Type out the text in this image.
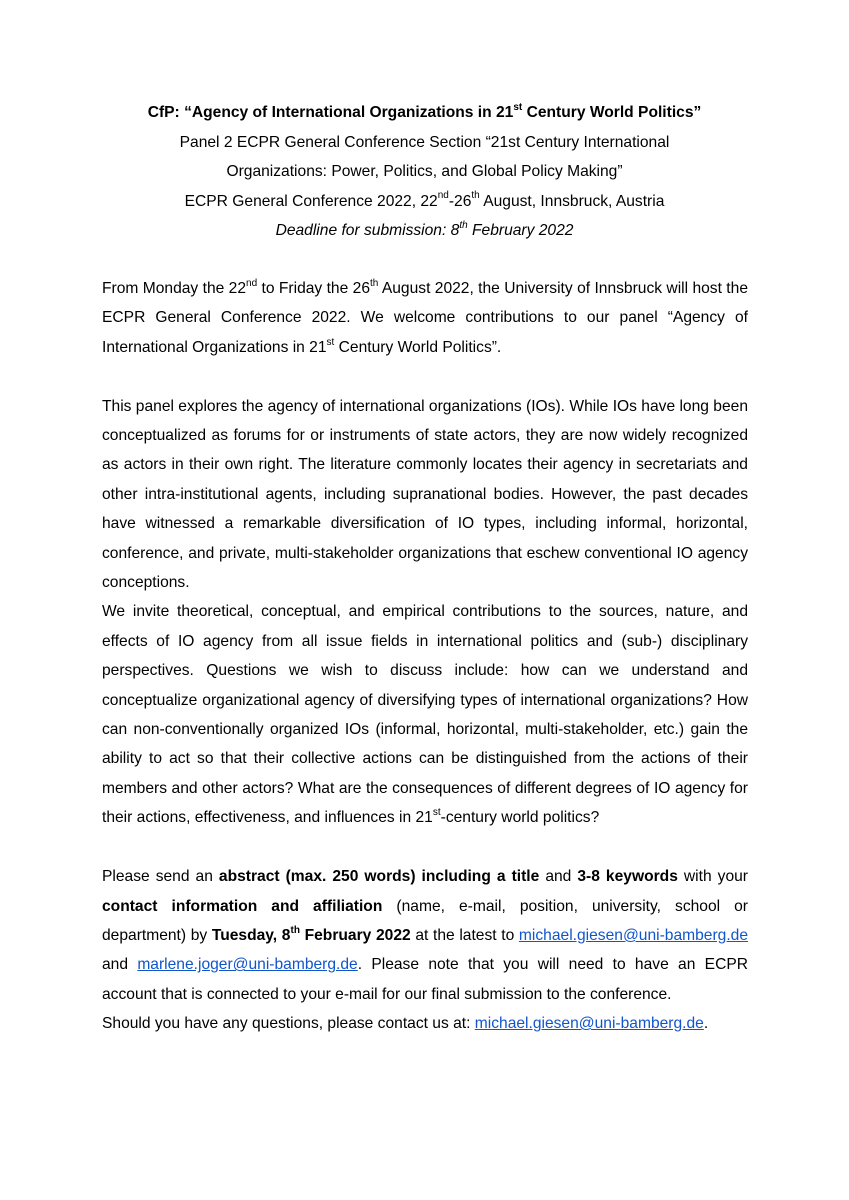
CfP: “Agency of International Organizations in 21st Century World Politics”
Panel 2 ECPR General Conference Section “21st Century International
Organizations: Power, Politics, and Global Policy Making”
ECPR General Conference 2022, 22nd-26th August, Innsbruck, Austria
Deadline for submission: 8th February 2022

From Monday the 22nd to Friday the 26th August 2022, the University of Innsbruck will host the ECPR General Conference 2022. We welcome contributions to our panel “Agency of International Organizations in 21st Century World Politics”.

This panel explores the agency of international organizations (IOs). While IOs have long been conceptualized as forums for or instruments of state actors, they are now widely recognized as actors in their own right. The literature commonly locates their agency in secretariats and other intra-institutional agents, including supranational bodies. However, the past decades have witnessed a remarkable diversification of IO types, including informal, horizontal, conference, and private, multi-stakeholder organizations that eschew conventional IO agency conceptions.

We invite theoretical, conceptual, and empirical contributions to the sources, nature, and effects of IO agency from all issue fields in international politics and (sub-) disciplinary perspectives. Questions we wish to discuss include: how can we understand and conceptualize organizational agency of diversifying types of international organizations? How can non-conventionally organized IOs (informal, horizontal, multi-stakeholder, etc.) gain the ability to act so that their collective actions can be distinguished from the actions of their members and other actors? What are the consequences of different degrees of IO agency for their actions, effectiveness, and influences in 21st-century world politics?

Please send an abstract (max. 250 words) including a title and 3-8 keywords with your contact information and affiliation (name, e-mail, position, university, school or department) by Tuesday, 8th February 2022 at the latest to michael.giesen@uni-bamberg.de and marlene.joger@uni-bamberg.de. Please note that you will need to have an ECPR account that is connected to your e-mail for our final submission to the conference.

Should you have any questions, please contact us at: michael.giesen@uni-bamberg.de.
